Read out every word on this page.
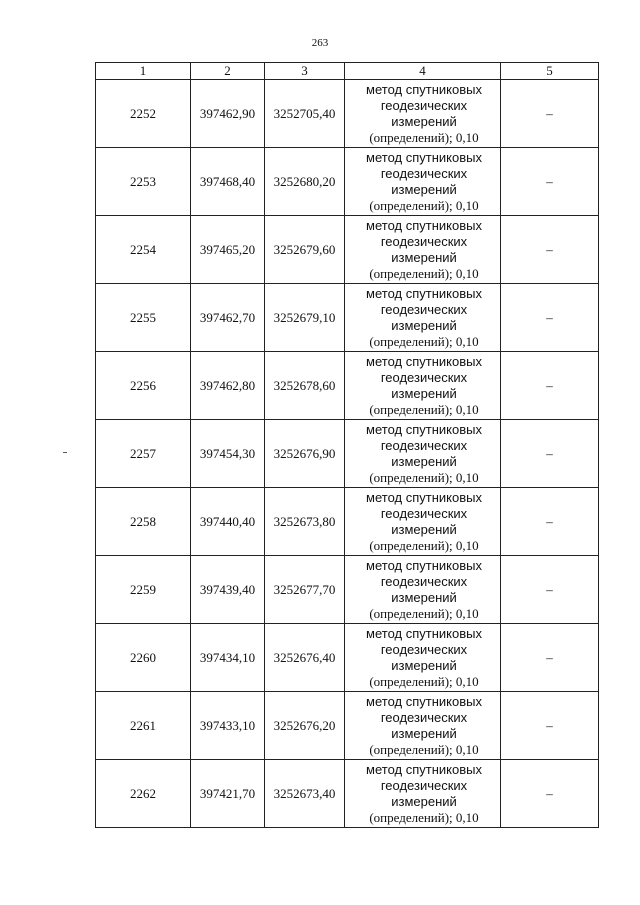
263
1	2	3	4	5
2252	397462,90	3252705,40	метод спутниковых
геодезических
измерений
(определений); 0,10	–
2253	397468,40	3252680,20	метод спутниковых
геодезических
измерений
(определений); 0,10	–
2254	397465,20	3252679,60	метод спутниковых
геодезических
измерений
(определений); 0,10	–
2255	397462,70	3252679,10	метод спутниковых
геодезических
измерений
(определений); 0,10	–
2256	397462,80	3252678,60	метод спутниковых
геодезических
измерений
(определений); 0,10	–
2257	397454,30	3252676,90	метод спутниковых
геодезических
измерений
(определений); 0,10	–
2258	397440,40	3252673,80	метод спутниковых
геодезических
измерений
(определений); 0,10	–
2259	397439,40	3252677,70	метод спутниковых
геодезических
измерений
(определений); 0,10	–
2260	397434,10	3252676,40	метод спутниковых
геодезических
измерений
(определений); 0,10	–
2261	397433,10	3252676,20	метод спутниковых
геодезических
измерений
(определений); 0,10	–
2262	397421,70	3252673,40	метод спутниковых
геодезических
измерений
(определений); 0,10	–
